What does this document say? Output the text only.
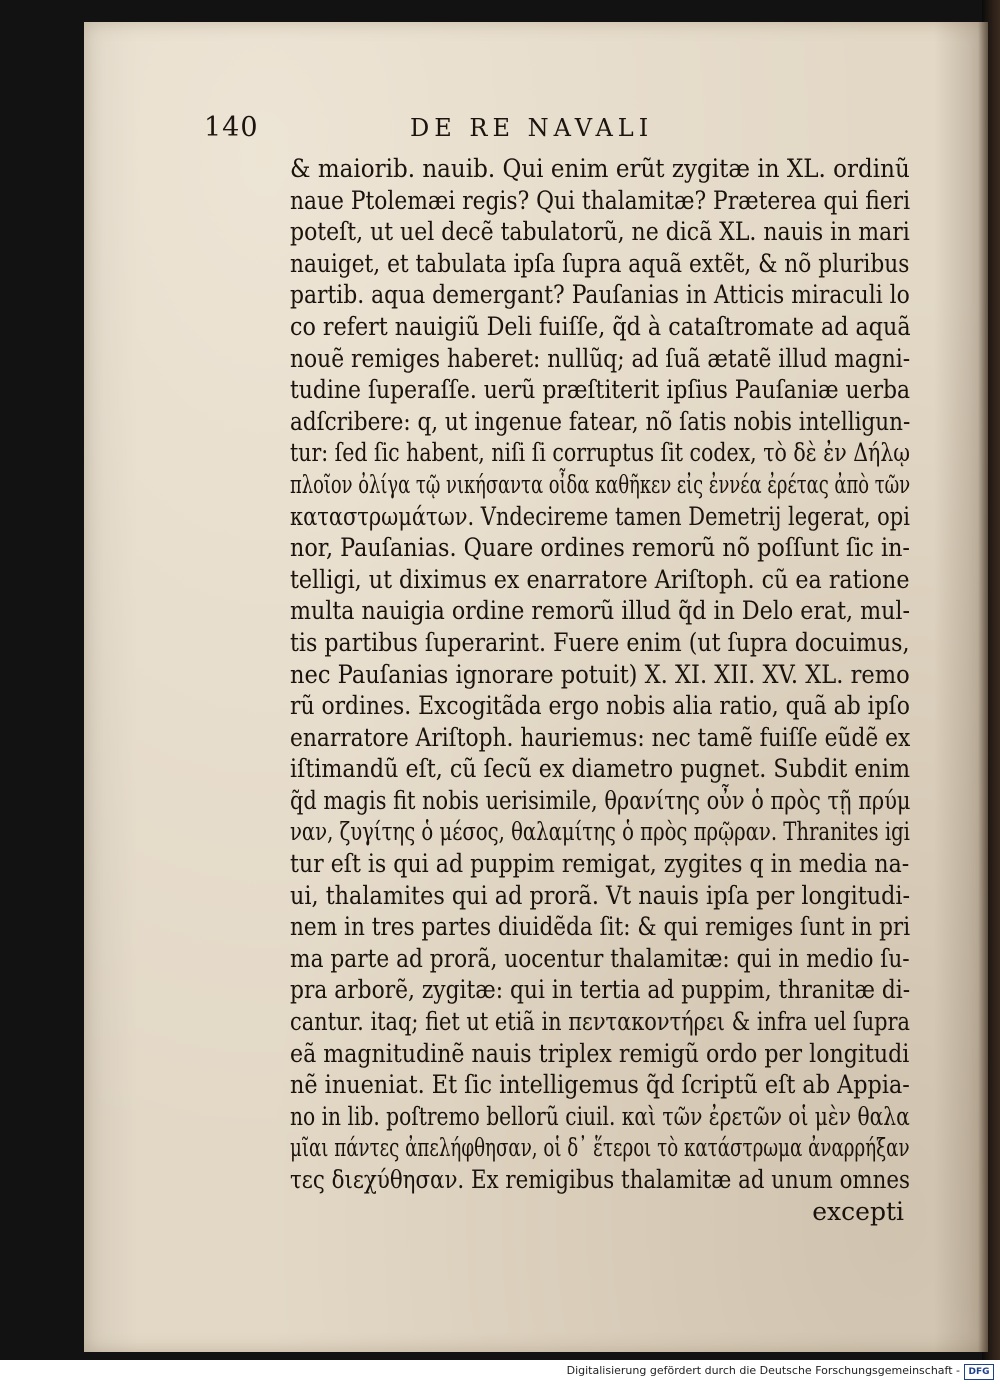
140	DE RE NAVALI
& maiorib. nauib. Qui enim erũt zygitæ in XL. ordinũ
naue Ptolemæi regis? Qui thalamitæ? Præterea qui fieri
poteſt, ut uel decẽ tabulatorũ, ne dicã XL. nauis in mari
nauiget, et tabulata ipſa ſupra aquã extẽt, & nõ pluribus
partib. aqua demergant? Pauſanias in Atticis miraculi lo
co refert nauigiũ Deli fuiſſe, q̃d à cataſtromate ad aquã
nouẽ remiges haberet: nullũq; ad ſuã ætatẽ illud magni-
tudine ſuperaſſe. uerũ præſtiterit ipſius Pauſaniæ uerba
adſcribere: q, ut ingenue fatear, nõ ſatis nobis intelligun-
tur: ſed ſic habent, niſi ſi corruptus ſit codex, τὸ δὲ ἐν Δήλῳ
πλοῖον ὀλίγα τῷ νικήσαντα οἶδα καθῆκεν εἰς ἐννέα ἐρέτας ἀπὸ τῶν
καταστρωμάτων. Vndecireme tamen Demetrij legerat, opi
nor, Pauſanias. Quare ordines remorũ nõ poſſunt ſic in-
telligi, ut diximus ex enarratore Ariſtoph. cũ ea ratione
multa nauigia ordine remorũ illud q̃d in Delo erat, mul-
tis partibus ſuperarint. Fuere enim (ut ſupra docuimus,
nec Pauſanias ignorare potuit) X. XI. XII. XV. XL. remo
rũ ordines. Excogitãda ergo nobis alia ratio, quã ab ipſo
enarratore Ariſtoph. hauriemus: nec tamẽ fuiſſe eũdẽ ex
iſtimandũ eſt, cũ ſecũ ex diametro pugnet. Subdit enim
q̃d magis fit nobis uerisimile, θρανίτης οὖν ὁ πρὸς τῇ πρύμ
ναν, ζυγίτης ὁ μέσος, θαλαμίτης ὁ πρὸς πρῷραν. Thranites igi
tur eſt is qui ad puppim remigat, zygites q in media na-
ui, thalamites qui ad prorã. Vt nauis ipſa per longitudi-
nem in tres partes diuidẽda ſit: & qui remiges ſunt in pri
ma parte ad prorã, uocentur thalamitæ: qui in medio ſu-
pra arborẽ, zygitæ: qui in tertia ad puppim, thranitæ di-
cantur. itaq; fiet ut etiã in πεντακοντήρει & infra uel ſupra
eã magnitudinẽ nauis triplex remigũ ordo per longitudi
nẽ inueniat. Et ſic intelligemus q̃d ſcriptũ eſt ab Appia-
no in lib. poſtremo bellorũ ciuil. καὶ τῶν ἐρετῶν οἱ μὲν θαλα
μῖαι πάντες ἀπελήφθησαν, οἱ δ᾽ ἕτεροι τὸ κατάστρωμα ἀναρρήξαν
τες διεχύθησαν. Ex remigibus thalamitæ ad unum omnes
excepti
Digitalisierung gefördert durch die Deutsche Forschungsgemeinschaft - DFG
